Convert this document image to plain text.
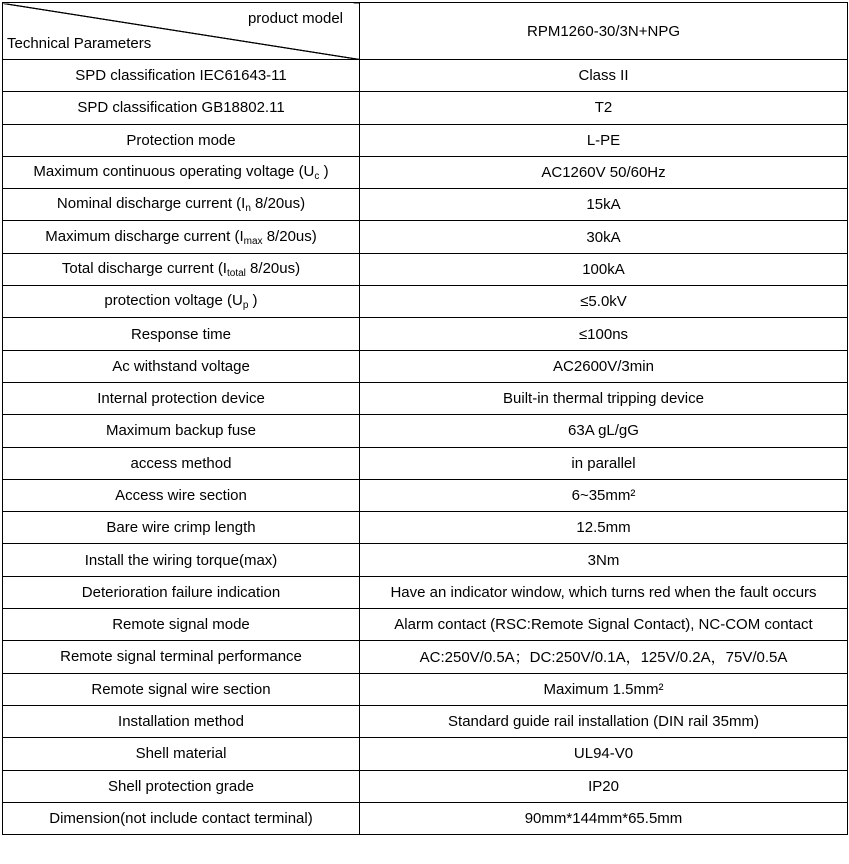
product model
Technical Parameters	RPM1260-30/3N+NPG
SPD classification IEC61643-11	Class II
SPD classification GB18802.11	T2
Protection mode	L-PE
Maximum continuous operating voltage ($U_c$ )	AC1260V 50/60Hz
Nominal discharge current ($I_n$ 8/20us)	15kA
Maximum discharge current ($I_{max}$ 8/20us)	30kA
Total discharge current ($I_{total}$ 8/20us)	100kA
protection voltage ($U_p$ )	≤5.0kV
Response time	≤100ns
Ac withstand voltage	AC2600V/3min
Internal protection device	Built-in thermal tripping device
Maximum backup fuse	63A gL/gG
access method	in parallel
Access wire section	6~35mm²
Bare wire crimp length	12.5mm
Install the wiring torque(max)	3Nm
Deterioration failure indication	Have an indicator window, which turns red when the fault occurs
Remote signal mode	Alarm contact (RSC:Remote Signal Contact), NC-COM contact
Remote signal terminal performance	AC:250V/0.5A；DC:250V/0.1A，125V/0.2A，75V/0.5A
Remote signal wire section	Maximum 1.5mm²
Installation method	Standard guide rail installation (DIN rail 35mm)
Shell material	UL94-V0
Shell protection grade	IP20
Dimension(not include contact terminal)	90mm*144mm*65.5mm
